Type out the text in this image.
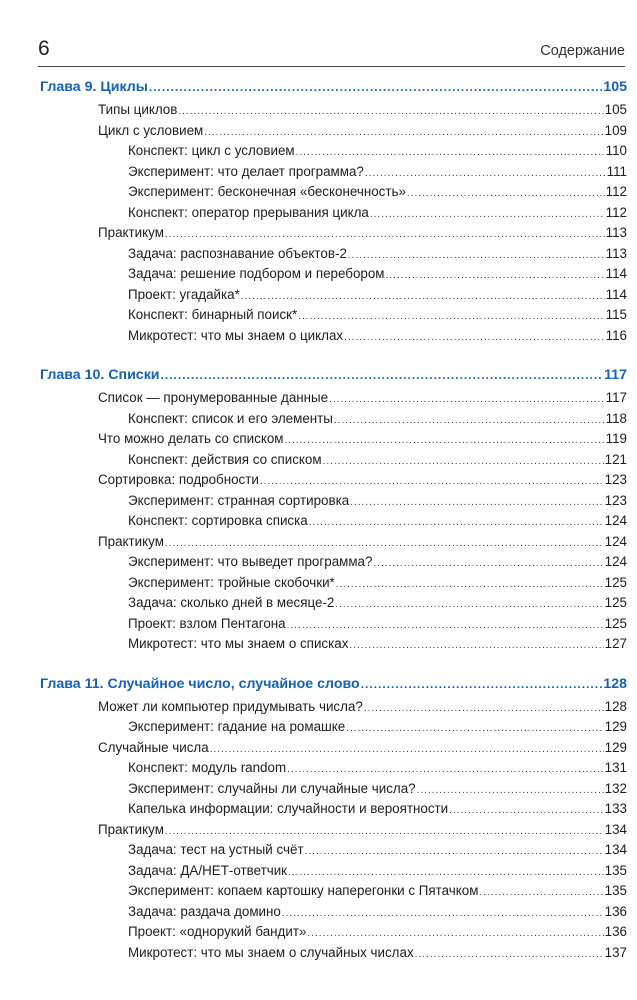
6	Содержание
Глава 9. Циклы .....	105
Типы циклов .....	105
Цикл с условием .....	109
Конспект: цикл с условием .....	110
Эксперимент: что делает программа? .....	111
Эксперимент: бесконечная «бесконечность» .....	112
Конспект: оператор прерывания цикла .....	112
Практикум .....	113
Задача: распознавание объектов-2 .....	113
Задача: решение подбором и перебором .....	114
Проект: угадайка* .....	114
Конспект: бинарный поиск* .....	115
Микротест: что мы знаем о циклах .....	116
Глава 10. Списки .....	117
Список — пронумерованные данные .....	117
Конспект: список и его элементы .....	118
Что можно делать со списком .....	119
Конспект: действия со списком .....	121
Сортировка: подробности .....	123
Эксперимент: странная сортировка .....	123
Конспект: сортировка списка .....	124
Практикум .....	124
Эксперимент: что выведет программа? .....	124
Эксперимент: тройные скобочки* .....	125
Задача: сколько дней в месяце-2 .....	125
Проект: взлом Пентагона .....	125
Микротест: что мы знаем о списках .....	127
Глава 11. Случайное число, случайное слово .....	128
Может ли компьютер придумывать числа? .....	128
Эксперимент: гадание на ромашке .....	129
Случайные числа .....	129
Конспект: модуль random .....	131
Эксперимент: случайны ли случайные числа? .....	132
Капелька информации: случайности и вероятности .....	133
Практикум .....	134
Задача: тест на устный счёт .....	134
Задача: ДА/НЕТ-ответчик .....	135
Эксперимент: копаем картошку наперегонки с Пятачком .....	135
Задача: раздача домино .....	136
Проект: «однорукий бандит» .....	136
Микротест: что мы знаем о случайных числах .....	137
